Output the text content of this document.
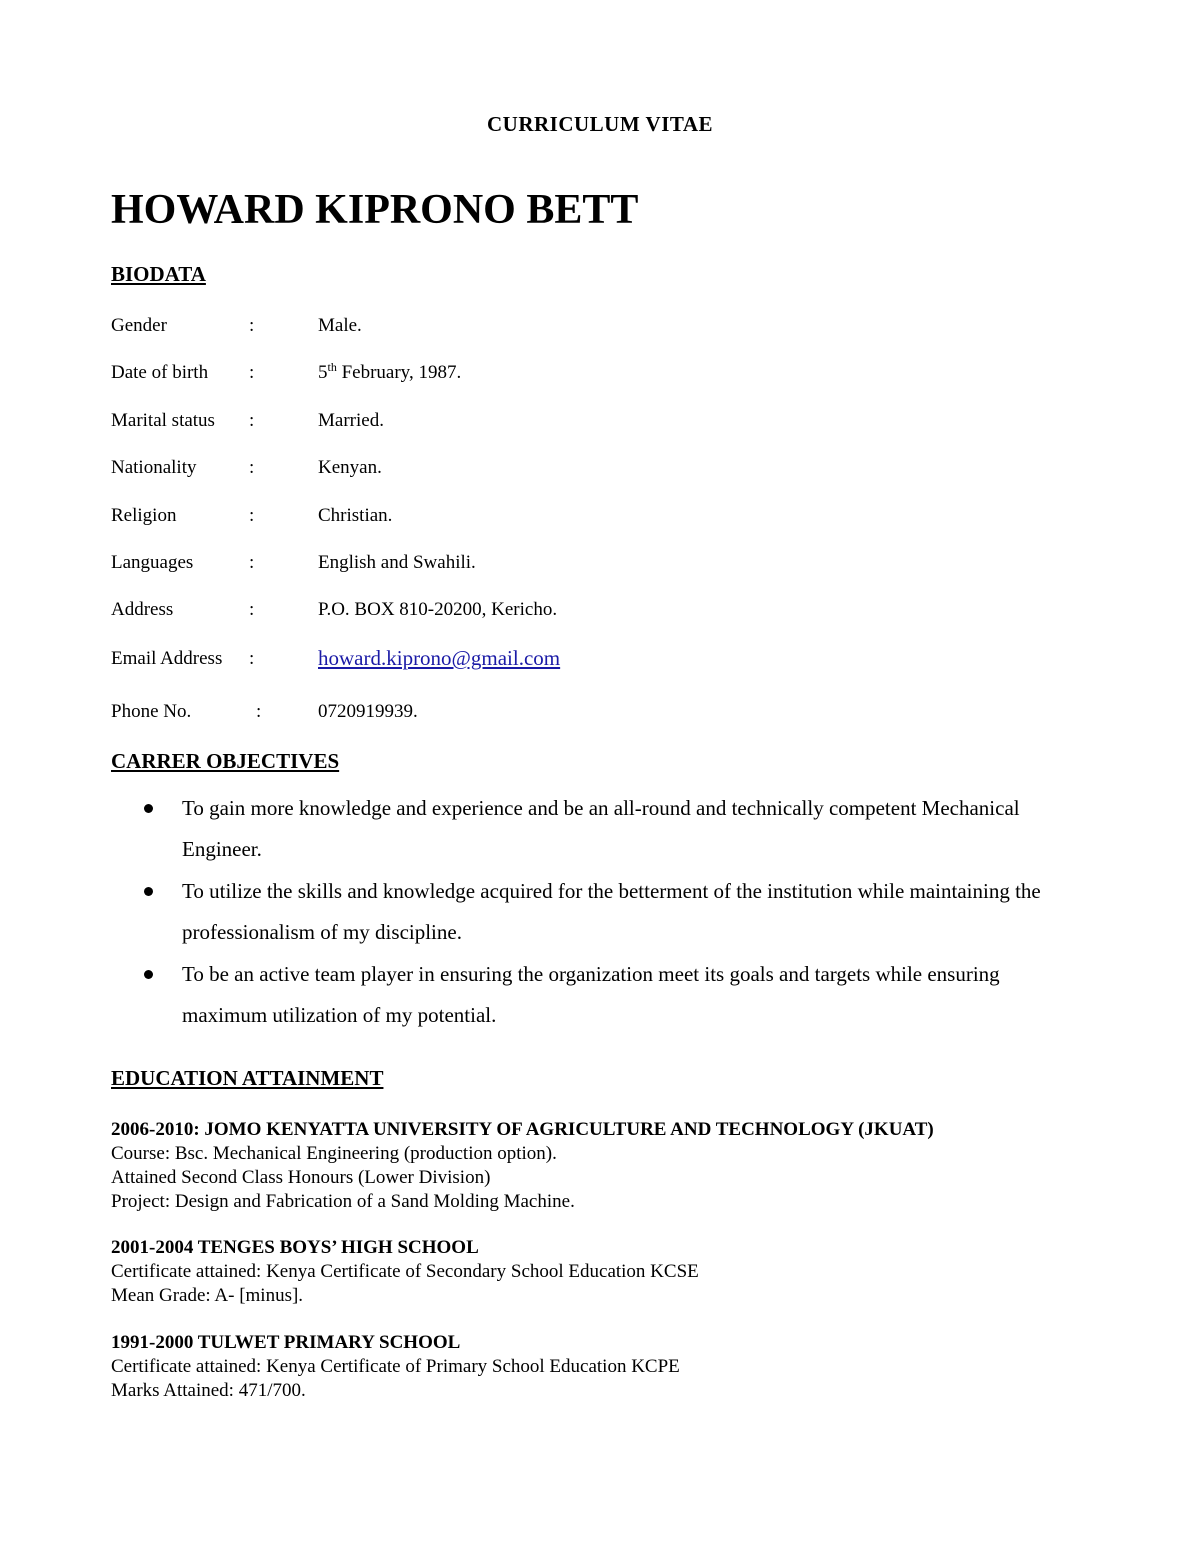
CURRICULUM VITAE
HOWARD KIPRONO BETT
BIODATA
Gender	:	Male.
Date of birth :	5th February, 1987.
Marital status :	Married.
Nationality	:	Kenyan.
Religion	:	Christian.
Languages	:	English and Swahili.
Address	:	P.O. BOX 810-20200, Kericho.
Email Address :	howard.kiprono@gmail.com
Phone No.	:	0720919939.
CARRER OBJECTIVES
To gain more knowledge and experience and be an all-round and technically competent Mechanical Engineer.
To utilize the skills and knowledge acquired for the betterment of the institution while maintaining the professionalism of my discipline.
To be an active team player in ensuring the organization meet its goals and targets while ensuring maximum utilization of my potential.
EDUCATION ATTAINMENT
2006-2010: JOMO KENYATTA UNIVERSITY OF AGRICULTURE AND TECHNOLOGY (JKUAT)
Course: Bsc. Mechanical Engineering (production option).
Attained Second Class Honours (Lower Division)
Project: Design and Fabrication of a Sand Molding Machine.
2001-2004 TENGES BOYS’ HIGH SCHOOL
Certificate attained: Kenya Certificate of Secondary School Education KCSE
Mean Grade: A- [minus].
1991-2000 TULWET PRIMARY SCHOOL
Certificate attained: Kenya Certificate of Primary School Education KCPE
Marks Attained: 471/700.
